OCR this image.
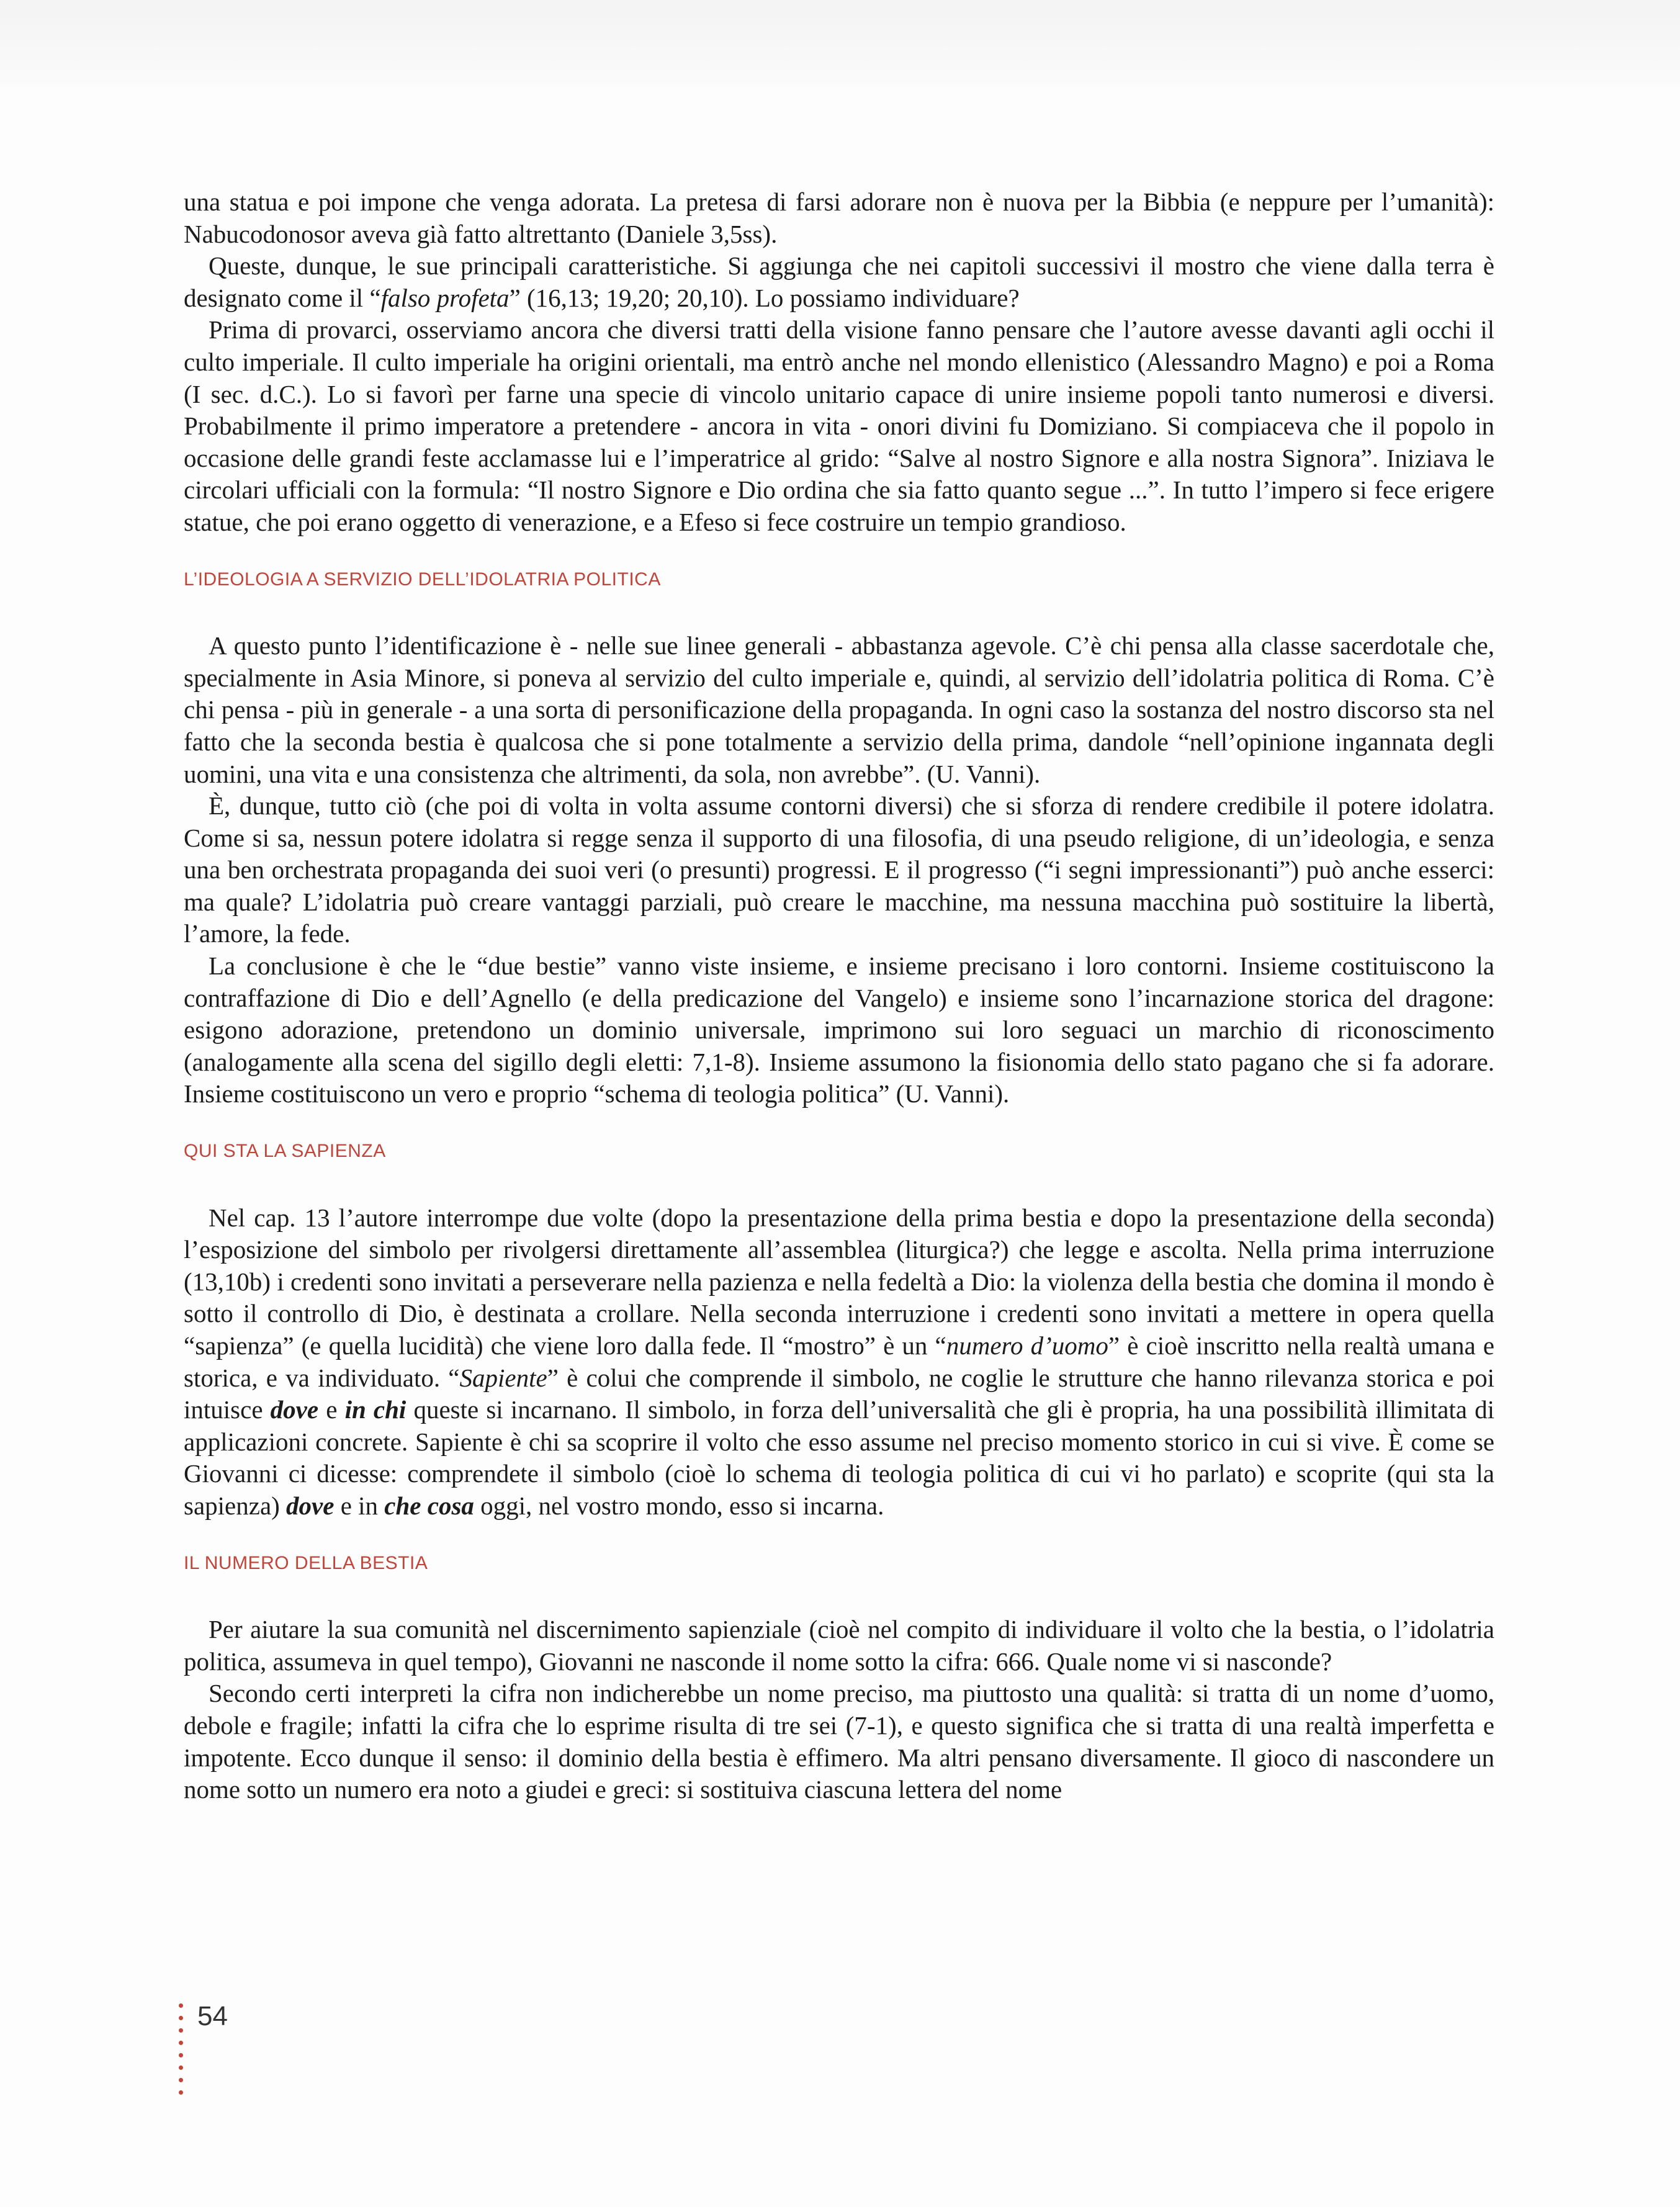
una statua e poi impone che venga adorata. La pretesa di farsi adorare non è nuova per la Bibbia (e neppure per l’umanità): Nabucodonosor aveva già fatto altrettanto (Daniele 3,5ss).

Queste, dunque, le sue principali caratteristiche. Si aggiunga che nei capitoli successivi il mostro che viene dalla terra è designato come il “falso profeta” (16,13; 19,20; 20,10). Lo possiamo individuare?

Prima di provarci, osserviamo ancora che diversi tratti della visione fanno pensare che l’autore avesse davanti agli occhi il culto imperiale. Il culto imperiale ha origini orientali, ma entrò anche nel mondo ellenistico (Alessandro Magno) e poi a Roma (I sec. d.C.). Lo si favorì per farne una specie di vincolo unitario capace di unire insieme popoli tanto numerosi e diversi. Probabilmente il primo imperatore a pretendere - ancora in vita - onori divini fu Domiziano. Si compiaceva che il popolo in occasione delle grandi feste acclamasse lui e l’imperatrice al grido: “Salve al nostro Signore e alla nostra Signora”. Iniziava le circolari ufficiali con la formula: “Il nostro Signore e Dio ordina che sia fatto quanto segue ...”. In tutto l’impero si fece erigere statue, che poi erano oggetto di venerazione, e a Efeso si fece costruire un tempio grandioso.

L’IDEOLOGIA A SERVIZIO DELL’IDOLATRIA POLITICA

A questo punto l’identificazione è - nelle sue linee generali - abbastanza agevole. C’è chi pensa alla classe sacerdotale che, specialmente in Asia Minore, si poneva al servizio del culto imperiale e, quindi, al servizio dell’idolatria politica di Roma. C’è chi pensa - più in generale - a una sorta di personificazione della propaganda. In ogni caso la sostanza del nostro discorso sta nel fatto che la seconda bestia è qualcosa che si pone totalmente a servizio della prima, dandole “nell’opinione ingannata degli uomini, una vita e una consistenza che altrimenti, da sola, non avrebbe”. (U. Vanni).

È, dunque, tutto ciò (che poi di volta in volta assume contorni diversi) che si sforza di rendere credibile il potere idolatra. Come si sa, nessun potere idolatra si regge senza il supporto di una filosofia, di una pseudo religione, di un’ideologia, e senza una ben orchestrata propaganda dei suoi veri (o presunti) progressi. E il progresso (“i segni impressionanti”) può anche esserci: ma quale? L’idolatria può creare vantaggi parziali, può creare le macchine, ma nessuna macchina può sostituire la libertà, l’amore, la fede.

La conclusione è che le “due bestie” vanno viste insieme, e insieme precisano i loro contorni. Insieme costituiscono la contraffazione di Dio e dell’Agnello (e della predicazione del Vangelo) e insieme sono l’incarnazione storica del dragone: esigono adorazione, pretendono un dominio universale, imprimono sui loro seguaci un marchio di riconoscimento (analogamente alla scena del sigillo degli eletti: 7,1-8). Insieme assumono la fisionomia dello stato pagano che si fa adorare. Insieme costituiscono un vero e proprio “schema di teologia politica” (U. Vanni).

QUI STA LA SAPIENZA

Nel cap. 13 l’autore interrompe due volte (dopo la presentazione della prima bestia e dopo la presentazione della seconda) l’esposizione del simbolo per rivolgersi direttamente all’assemblea (liturgica?) che legge e ascolta. Nella prima interruzione (13,10b) i credenti sono invitati a perseverare nella pazienza e nella fedeltà a Dio: la violenza della bestia che domina il mondo è sotto il controllo di Dio, è destinata a crollare. Nella seconda interruzione i credenti sono invitati a mettere in opera quella “sapienza” (e quella lucidità) che viene loro dalla fede. Il “mostro” è un “numero d’uomo” è cioè inscritto nella realtà umana e storica, e va individuato. “Sapiente” è colui che comprende il simbolo, ne coglie le strutture che hanno rilevanza storica e poi intuisce dove e in chi queste si incarnano. Il simbolo, in forza dell’universalità che gli è propria, ha una possibilità illimitata di applicazioni concrete. Sapiente è chi sa scoprire il volto che esso assume nel preciso momento storico in cui si vive. È come se Giovanni ci dicesse: comprendete il simbolo (cioè lo schema di teologia politica di cui vi ho parlato) e scoprite (qui sta la sapienza) dove e in che cosa oggi, nel vostro mondo, esso si incarna.

IL NUMERO DELLA BESTIA

Per aiutare la sua comunità nel discernimento sapienziale (cioè nel compito di individuare il volto che la bestia, o l’idolatria politica, assumeva in quel tempo), Giovanni ne nasconde il nome sotto la cifra: 666. Quale nome vi si nasconde?

Secondo certi interpreti la cifra non indicherebbe un nome preciso, ma piuttosto una qualità: si tratta di un nome d’uomo, debole e fragile; infatti la cifra che lo esprime risulta di tre sei (7-1), e questo significa che si tratta di una realtà imperfetta e impotente. Ecco dunque il senso: il dominio della bestia è effimero. Ma altri pensano diversamente. Il gioco di nascondere un nome sotto un numero era noto a giudei e greci: si sostituiva ciascuna lettera del nome

54
